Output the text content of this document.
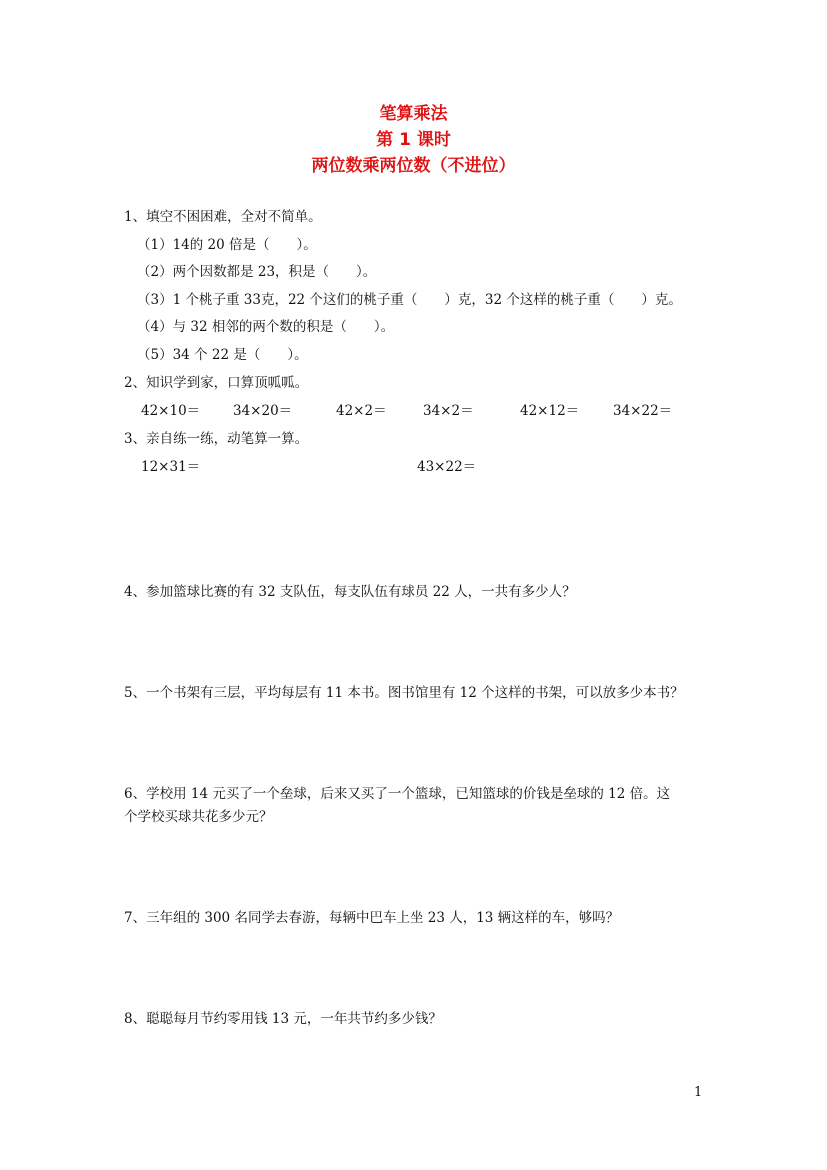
笔算乘法
第 1 课时
两位数乘两位数（不进位）
1、填空不困困难，全对不简单。
（1）14的 20 倍是（　　）。
（2）两个因数都是 23，积是（　　）。
（3）1 个桃子重 33克，22 个这们的桃子重（　　）克，32 个这样的桃子重（　　）克。
（4）与 32 相邻的两个数的积是（　　）。
（5）34 个 22 是（　　）。
2、知识学到家，口算顶呱呱。
42×10＝ 34×20＝	42×2＝	34×2＝	42×12＝	34×22＝
3、亲自练一练，动笔算一算。
12×31＝	43×22＝
4、参加篮球比赛的有 32 支队伍，每支队伍有球员 22 人，一共有多少人？
5、一个书架有三层，平均每层有 11 本书。图书馆里有 12 个这样的书架，可以放多少本书？
6、学校用 14 元买了一个垒球，后来又买了一个篮球，已知篮球的价钱是垒球的 12 倍。这
个学校买球共花多少元？
7、三年组的 300 名同学去春游，每辆中巴车上坐 23 人，13 辆这样的车，够吗？
8、聪聪每月节约零用钱 13 元，一年共节约多少钱？
1
